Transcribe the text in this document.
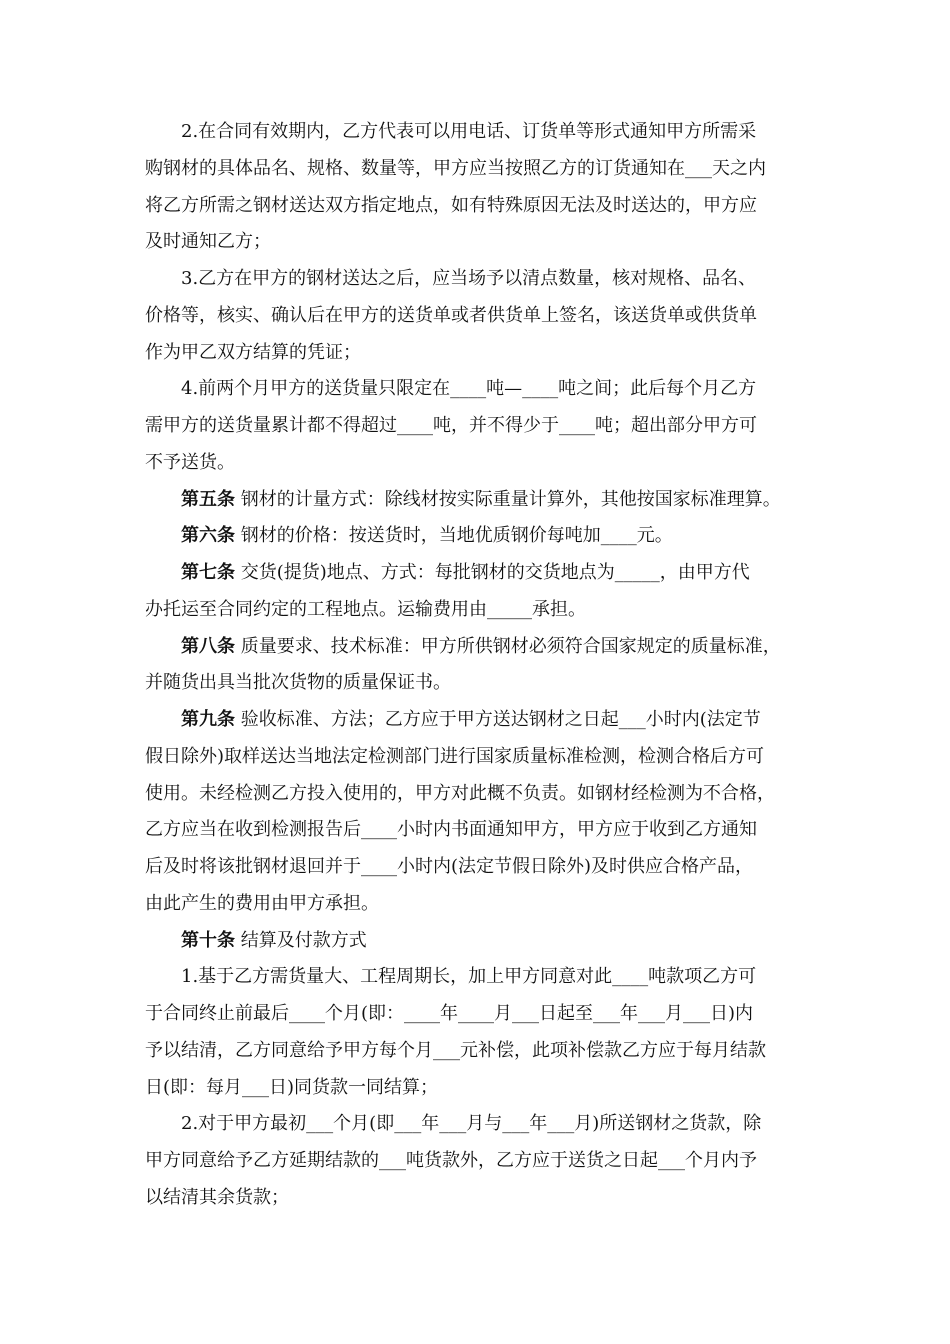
2.在合同有效期内，乙方代表可以用电话、订货单等形式通知甲方所需采
购钢材的具体品名、规格、数量等，甲方应当按照乙方的订货通知在___天之内
将乙方所需之钢材送达双方指定地点，如有特殊原因无法及时送达的，甲方应
及时通知乙方；
3.乙方在甲方的钢材送达之后，应当场予以清点数量，核对规格、品名、
价格等，核实、确认后在甲方的送货单或者供货单上签名，该送货单或供货单
作为甲乙双方结算的凭证；
4.前两个月甲方的送货量只限定在____吨—____吨之间；此后每个月乙方
需甲方的送货量累计都不得超过____吨，并不得少于____吨；超出部分甲方可
不予送货。
第五条 钢材的计量方式：除线材按实际重量计算外，其他按国家标准理算。
第六条 钢材的价格：按送货时，当地优质钢价每吨加____元。
第七条 交货(提货)地点、方式：每批钢材的交货地点为_____，由甲方代
办托运至合同约定的工程地点。运输费用由_____承担。
第八条 质量要求、技术标准：甲方所供钢材必须符合国家规定的质量标准，
并随货出具当批次货物的质量保证书。
第九条 验收标准、方法；乙方应于甲方送达钢材之日起___小时内(法定节
假日除外)取样送达当地法定检测部门进行国家质量标准检测，检测合格后方可
使用。未经检测乙方投入使用的，甲方对此概不负责。如钢材经检测为不合格，
乙方应当在收到检测报告后____小时内书面通知甲方，甲方应于收到乙方通知
后及时将该批钢材退回并于____小时内(法定节假日除外)及时供应合格产品，
由此产生的费用由甲方承担。
第十条 结算及付款方式
1.基于乙方需货量大、工程周期长，加上甲方同意对此____吨款项乙方可
于合同终止前最后____个月(即：____年____月___日起至___年___月___日)内
予以结清，乙方同意给予甲方每个月___元补偿，此项补偿款乙方应于每月结款
日(即：每月___日)同货款一同结算；
2.对于甲方最初___个月(即___年___月与___年___月)所送钢材之货款，除
甲方同意给予乙方延期结款的___吨货款外，乙方应于送货之日起___个月内予
以结清其余货款；
